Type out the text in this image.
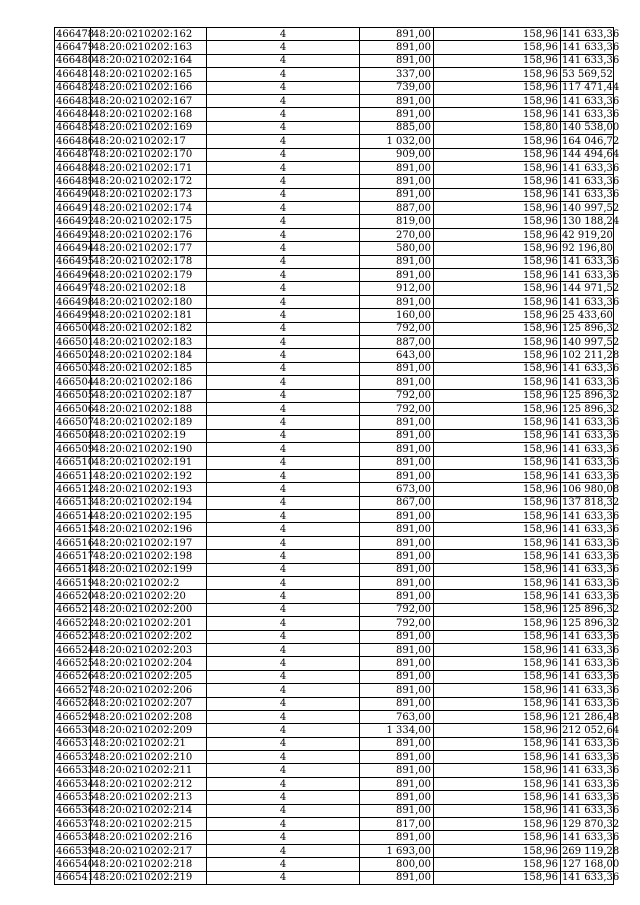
466478	48:20:0210202:162	4	891,00	158,96	141 633,36
466479	48:20:0210202:163	4	891,00	158,96	141 633,36
466480	48:20:0210202:164	4	891,00	158,96	141 633,36
466481	48:20:0210202:165	4	337,00	158,96	53 569,52
466482	48:20:0210202:166	4	739,00	158,96	117 471,44
466483	48:20:0210202:167	4	891,00	158,96	141 633,36
466484	48:20:0210202:168	4	891,00	158,96	141 633,36
466485	48:20:0210202:169	4	885,00	158,80	140 538,00
466486	48:20:0210202:17	4	1 032,00	158,96	164 046,72
466487	48:20:0210202:170	4	909,00	158,96	144 494,64
466488	48:20:0210202:171	4	891,00	158,96	141 633,36
466489	48:20:0210202:172	4	891,00	158,96	141 633,36
466490	48:20:0210202:173	4	891,00	158,96	141 633,36
466491	48:20:0210202:174	4	887,00	158,96	140 997,52
466492	48:20:0210202:175	4	819,00	158,96	130 188,24
466493	48:20:0210202:176	4	270,00	158,96	42 919,20
466494	48:20:0210202:177	4	580,00	158,96	92 196,80
466495	48:20:0210202:178	4	891,00	158,96	141 633,36
466496	48:20:0210202:179	4	891,00	158,96	141 633,36
466497	48:20:0210202:18	4	912,00	158,96	144 971,52
466498	48:20:0210202:180	4	891,00	158,96	141 633,36
466499	48:20:0210202:181	4	160,00	158,96	25 433,60
466500	48:20:0210202:182	4	792,00	158,96	125 896,32
466501	48:20:0210202:183	4	887,00	158,96	140 997,52
466502	48:20:0210202:184	4	643,00	158,96	102 211,28
466503	48:20:0210202:185	4	891,00	158,96	141 633,36
466504	48:20:0210202:186	4	891,00	158,96	141 633,36
466505	48:20:0210202:187	4	792,00	158,96	125 896,32
466506	48:20:0210202:188	4	792,00	158,96	125 896,32
466507	48:20:0210202:189	4	891,00	158,96	141 633,36
466508	48:20:0210202:19	4	891,00	158,96	141 633,36
466509	48:20:0210202:190	4	891,00	158,96	141 633,36
466510	48:20:0210202:191	4	891,00	158,96	141 633,36
466511	48:20:0210202:192	4	891,00	158,96	141 633,36
466512	48:20:0210202:193	4	673,00	158,96	106 980,08
466513	48:20:0210202:194	4	867,00	158,96	137 818,32
466514	48:20:0210202:195	4	891,00	158,96	141 633,36
466515	48:20:0210202:196	4	891,00	158,96	141 633,36
466516	48:20:0210202:197	4	891,00	158,96	141 633,36
466517	48:20:0210202:198	4	891,00	158,96	141 633,36
466518	48:20:0210202:199	4	891,00	158,96	141 633,36
466519	48:20:0210202:2	4	891,00	158,96	141 633,36
466520	48:20:0210202:20	4	891,00	158,96	141 633,36
466521	48:20:0210202:200	4	792,00	158,96	125 896,32
466522	48:20:0210202:201	4	792,00	158,96	125 896,32
466523	48:20:0210202:202	4	891,00	158,96	141 633,36
466524	48:20:0210202:203	4	891,00	158,96	141 633,36
466525	48:20:0210202:204	4	891,00	158,96	141 633,36
466526	48:20:0210202:205	4	891,00	158,96	141 633,36
466527	48:20:0210202:206	4	891,00	158,96	141 633,36
466528	48:20:0210202:207	4	891,00	158,96	141 633,36
466529	48:20:0210202:208	4	763,00	158,96	121 286,48
466530	48:20:0210202:209	4	1 334,00	158,96	212 052,64
466531	48:20:0210202:21	4	891,00	158,96	141 633,36
466532	48:20:0210202:210	4	891,00	158,96	141 633,36
466533	48:20:0210202:211	4	891,00	158,96	141 633,36
466534	48:20:0210202:212	4	891,00	158,96	141 633,36
466535	48:20:0210202:213	4	891,00	158,96	141 633,36
466536	48:20:0210202:214	4	891,00	158,96	141 633,36
466537	48:20:0210202:215	4	817,00	158,96	129 870,32
466538	48:20:0210202:216	4	891,00	158,96	141 633,36
466539	48:20:0210202:217	4	1 693,00	158,96	269 119,28
466540	48:20:0210202:218	4	800,00	158,96	127 168,00
466541	48:20:0210202:219	4	891,00	158,96	141 633,36
